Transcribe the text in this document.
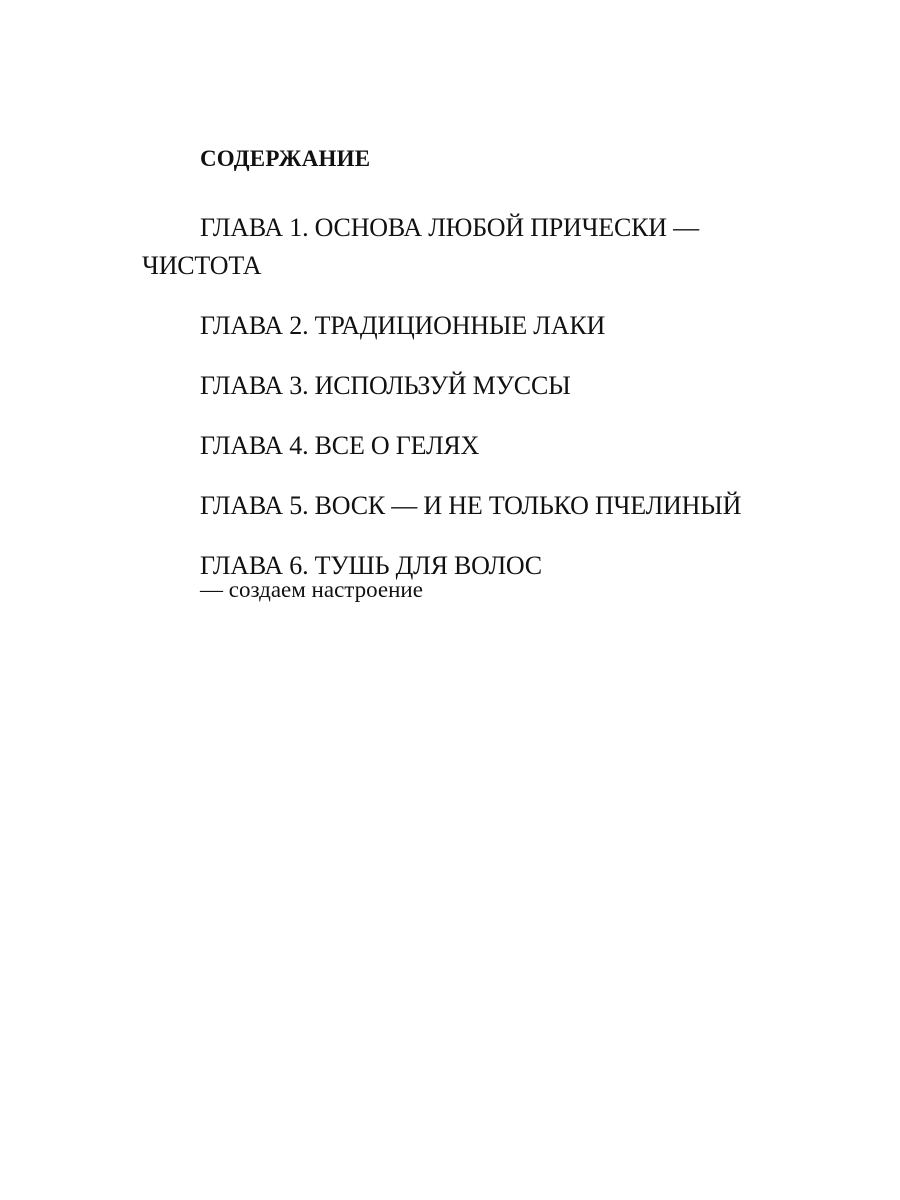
СОДЕРЖАНИЕ
ГЛАВА 1. ОСНОВА ЛЮБОЙ ПРИЧЕСКИ — ЧИСТОТА
ГЛАВА 2. ТРАДИЦИОННЫЕ ЛАКИ
ГЛАВА 3. ИСПОЛЬЗУЙ МУССЫ
ГЛАВА 4. ВСЕ О ГЕЛЯХ
ГЛАВА 5. ВОСК — И НЕ ТОЛЬКО ПЧЕЛИНЫЙ
ГЛАВА 6. ТУШЬ ДЛЯ ВОЛОС
— создаем настроение
